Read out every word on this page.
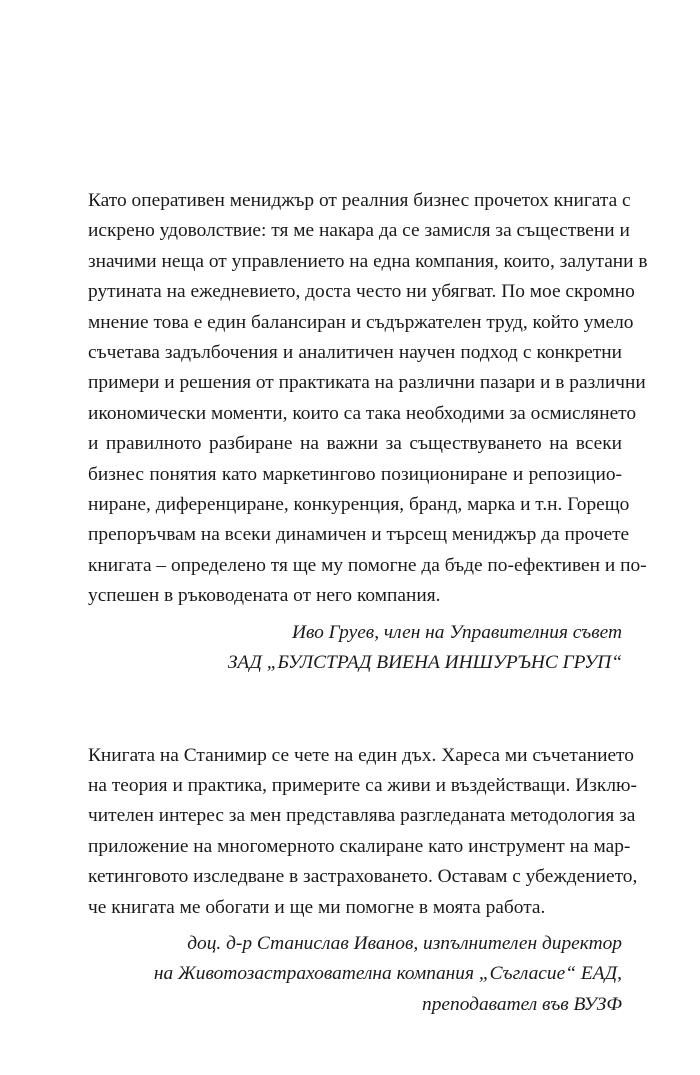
Като оперативен мениджър от реалния бизнес прочетох книгата с
искрено удоволствие: тя ме накара да се замисля за съществени и
значими неща от управлението на една компания, които, залутани в
рутината на ежедневието, доста често ни убягват. По мое скромно
мнение това е един балансиран и съдържателен труд, който умело
съчетава задълбочения и аналитичен научен подход с конкретни
примери и решения от практиката на различни пазари и в различни
икономически моменти, които са така необходими за осмислянето
и правилното разбиране на важни за съществуването на всеки
бизнес понятия като маркетингово позициониране и репозицио-
ниране, диференциране, конкуренция, бранд, марка и т.н. Горещо
препоръчвам на всеки динамичен и търсещ мениджър да прочете
книгата – определено тя ще му помогне да бъде по-ефективен и по-
успешен в ръководената от него компания.
Иво Груев, член на Управителния съвет
ЗАД „БУЛСТРАД ВИЕНА ИНШУРЪНС ГРУП“
Книгата на Станимир се чете на един дъх. Хареса ми съчетанието
на теория и практика, примерите са живи и въздействащи. Изклю-
чителен интерес за мен представлява разгледаната методология за
приложение на многомерното скалиране като инструмент на мар-
кетинговото изследване в застраховането. Оставам с убеждението,
че книгата ме обогати и ще ми помогне в моята работа.
доц. д-р Станислав Иванов, изпълнителен директор
на Животозастрахователна компания „Съгласие“ ЕАД,
преподавател във ВУЗФ
